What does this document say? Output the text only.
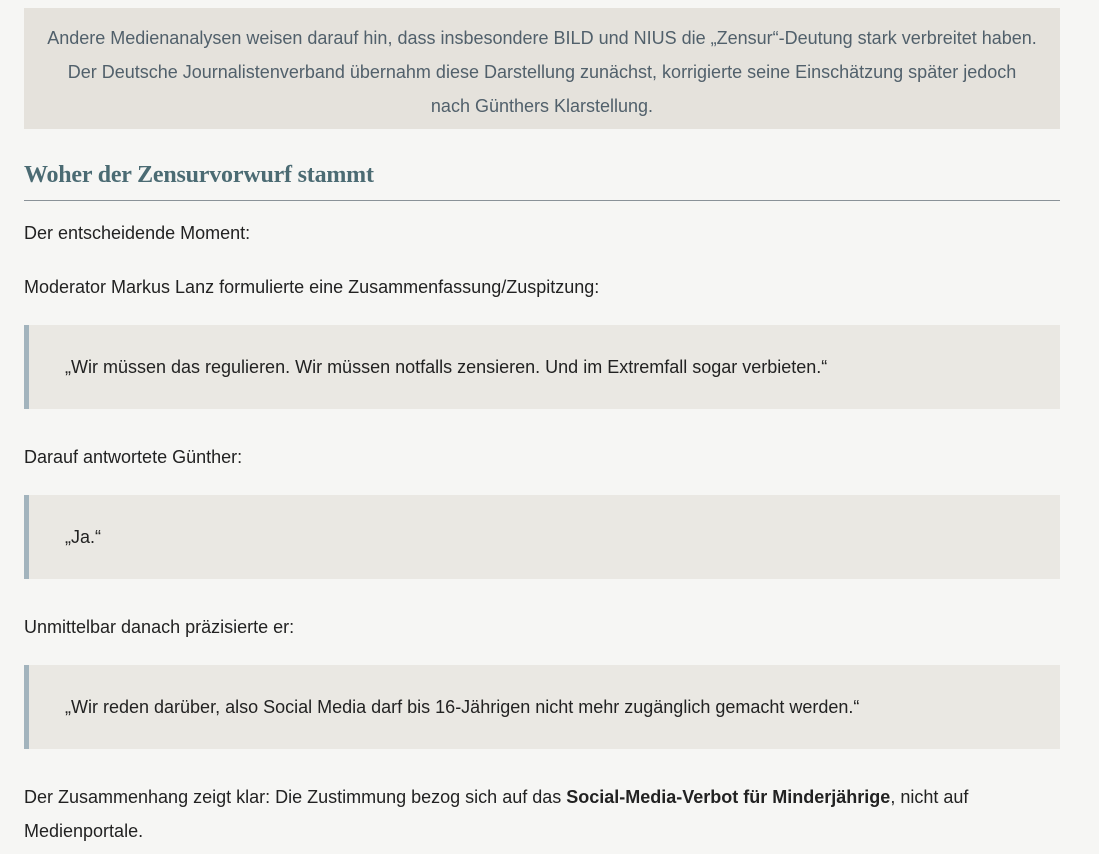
Andere Medienanalysen weisen darauf hin, dass insbesondere BILD und NIUS die „Zensur“-Deutung stark verbreitet haben. Der Deutsche Journalistenverband übernahm diese Darstellung zunächst, korrigierte seine Einschätzung später jedoch nach Günthers Klarstellung.

Woher der Zensurvorwurf stammt

Der entscheidende Moment:

Moderator Markus Lanz formulierte eine Zusammenfassung/Zuspitzung:

„Wir müssen das regulieren. Wir müssen notfalls zensieren. Und im Extremfall sogar verbieten.“

Darauf antwortete Günther:

„Ja.“

Unmittelbar danach präzisierte er:

„Wir reden darüber, also Social Media darf bis 16-Jährigen nicht mehr zugänglich gemacht werden.“

Der Zusammenhang zeigt klar: Die Zustimmung bezog sich auf das Social-Media-Verbot für Minderjährige, nicht auf Medienportale.
